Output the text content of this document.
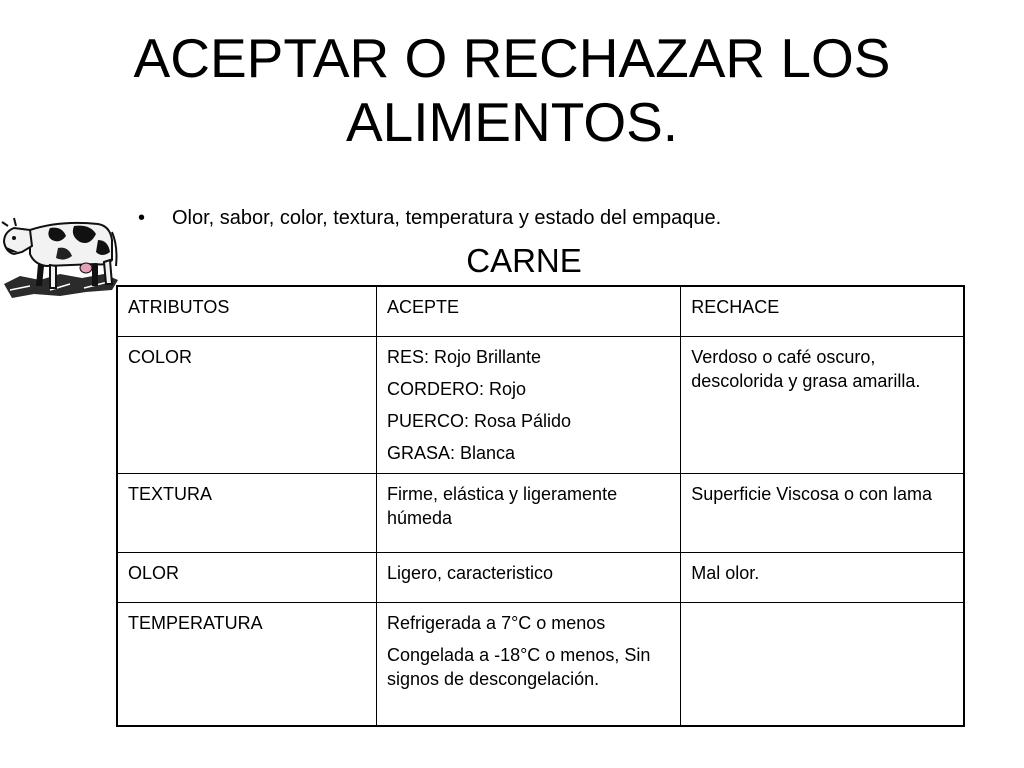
ACEPTAR O RECHAZAR LOS
ALIMENTOS.
• Olor, sabor, color, textura, temperatura y estado del empaque.
CARNE
ATRIBUTOS	ACEPTE	RECHACE
COLOR	RES: Rojo Brillante
CORDERO: Rojo
PUERCO: Rosa Pálido
GRASA: Blanca	Verdoso o café oscuro, descolorida y grasa amarilla.

TEXTURA	Firme, elástica y ligeramente húmeda	Superficie Viscosa o con lama

OLOR	Ligero, caracteristico	Mal olor.

TEMPERATURA	Refrigerada a 7°C o menos
Congelada a -18°C o menos, Sin signos de descongelación.	
